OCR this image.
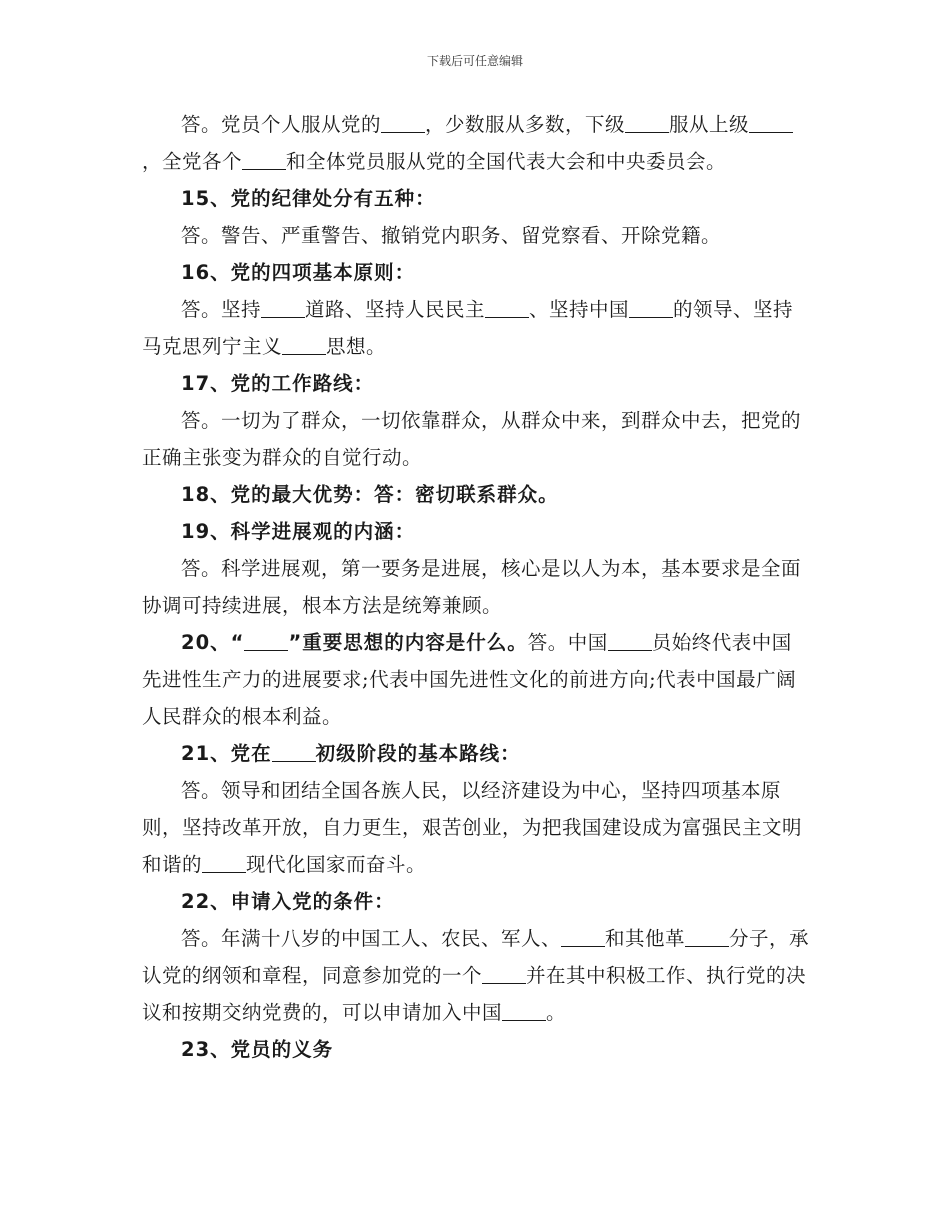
下载后可任意编辑

答。党员个人服从党的 ，少数服从多数，下级 服从上级，全党各个 和全体党员服从党的全国代表大会和中央委员会。

15、党的纪律处分有五种：

答。警告、严重警告、撤销党内职务、留党察看、开除党籍。

16、党的四项基本原则：

答。坚持 道路、坚持人民民主 、坚持中国 的领导、坚持马克思列宁主义 思想。

17、党的工作路线：

答。一切为了群众，一切依靠群众，从群众中来，到群众中去，把党的正确主张变为群众的自觉行动。

18、党的最大优势：答：密切联系群众。

19、科学进展观的内涵：

答。科学进展观，第一要务是进展，核心是以人为本，基本要求是全面协调可持续进展，根本方法是统筹兼顾。

20、“ ”重要思想的内容是什么。答。中国 员始终代表中国先进性生产力的进展要求;代表中国先进性文化的前进方向;代表中国最广阔人民群众的根本利益。

21、党在 初级阶段的基本路线：

答。领导和团结全国各族人民，以经济建设为中心，坚持四项基本原则，坚持改革开放，自力更生，艰苦创业，为把我国建设成为富强民主文明和谐的 现代化国家而奋斗。

22、申请入党的条件：

答。年满十八岁的中国工人、农民、军人、 和其他革 分子，承认党的纲领和章程，同意参加党的一个 并在其中积极工作、执行党的决议和按期交纳党费的，可以申请加入中国 。

23、党员的义务
